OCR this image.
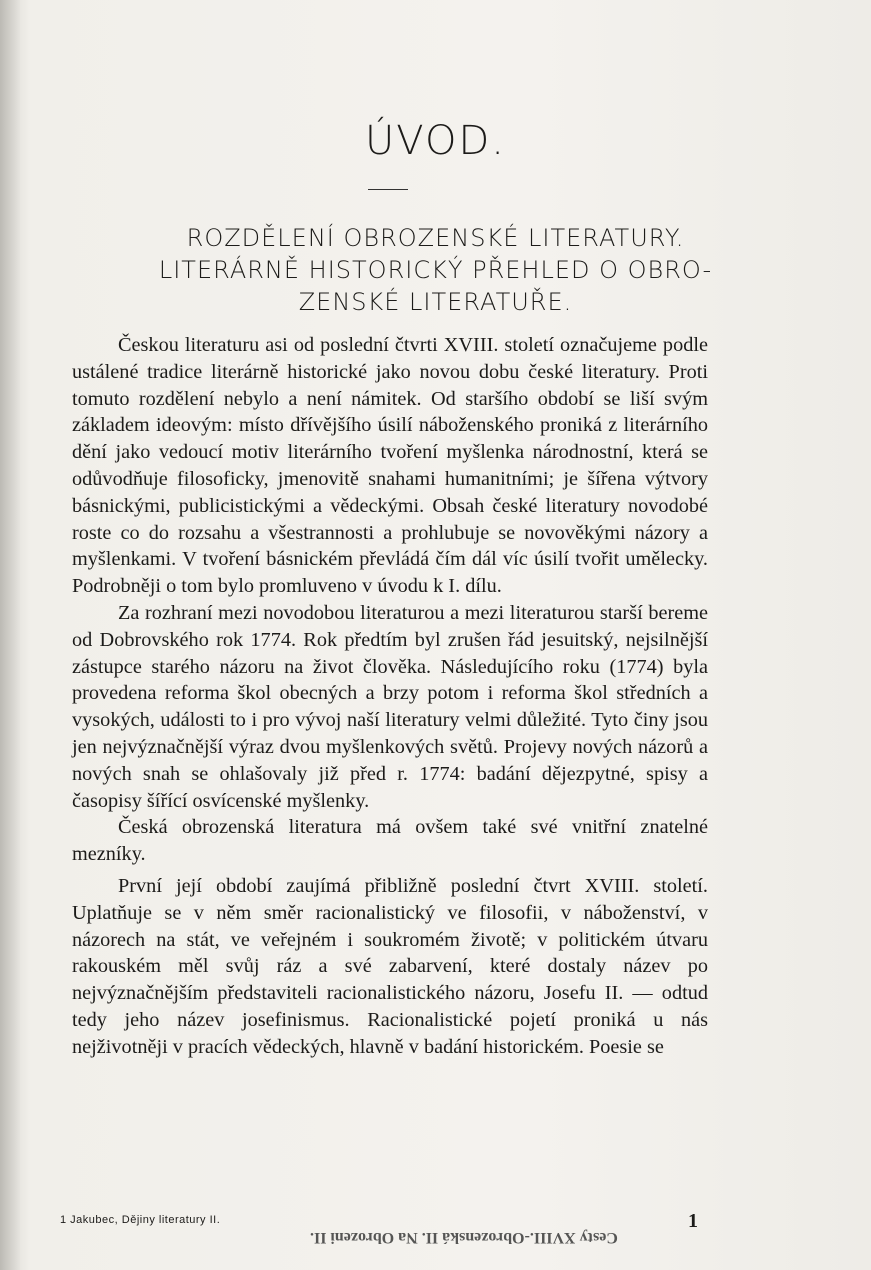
ÚVOD.
ROZDĚLENÍ OBROZENSKÉ LITERATURY.
LITERÁRNĚ HISTORICKÝ PŘEHLED O OBRO-
ZENSKÉ LITERATUŘE.

Českou literaturu asi od poslední čtvrti XVIII. století označujeme podle ustálené tradice literárně historické jako novou dobu české literatury. Proti tomuto rozdělení nebylo a není námitek. Od staršího období se liší svým základem ideovým: místo dřívějšího úsilí náboženského proniká z literárního dění jako vedoucí motiv literárního tvoření myšlenka národnostní, která se odůvodňuje filosoficky, jmenovitě snahami humanitními; je šířena výtvory básnickými, publicistickými a vědeckými. Obsah české literatury novodobé roste co do rozsahu a všestrannosti a prohlubuje se novověkými názory a myšlenkami. V tvoření básnickém převládá čím dál víc úsilí tvořit umělecky. Podrobněji o tom bylo promluveno v úvodu k I. dílu.

Za rozhraní mezi novodobou literaturou a mezi literaturou starší bereme od Dobrovského rok 1774. Rok předtím byl zrušen řád jesuitský, nejsilnější zástupce starého názoru na život člověka. Následujícího roku (1774) byla provedena reforma škol obecných a brzy potom i reforma škol středních a vysokých, události to i pro vývoj naší literatury velmi důležité. Tyto činy jsou jen nejvýznačnější výraz dvou myšlenkových světů. Projevy nových názorů a nových snah se ohlašovaly již před r. 1774: badání dějezpytné, spisy a časopisy šířící osvícenské myšlenky.

Česká obrozenská literatura má ovšem také své vnitřní znatelné mezníky.

První její období zaujímá přibližně poslední čtvrt XVIII. století. Uplatňuje se v něm směr racionalistický ve filosofii, v náboženství, v názorech na stát, ve veřejném i soukromém životě; v politickém útvaru rakouském měl svůj ráz a své zabarvení, které dostaly název po nejvýznačnějším představiteli racionalistického názoru, Josefu II. — odtud tedy jeho název josefinismus. Racionalistické pojetí proniká u nás nejživotněji v pracích vědeckých, hlavně v badání historickém. Poesie se

1 Jakubec, Dějiny literatury II.	1
Cesty XVIII.-Obrozenská II. Na Obrozeni II.
